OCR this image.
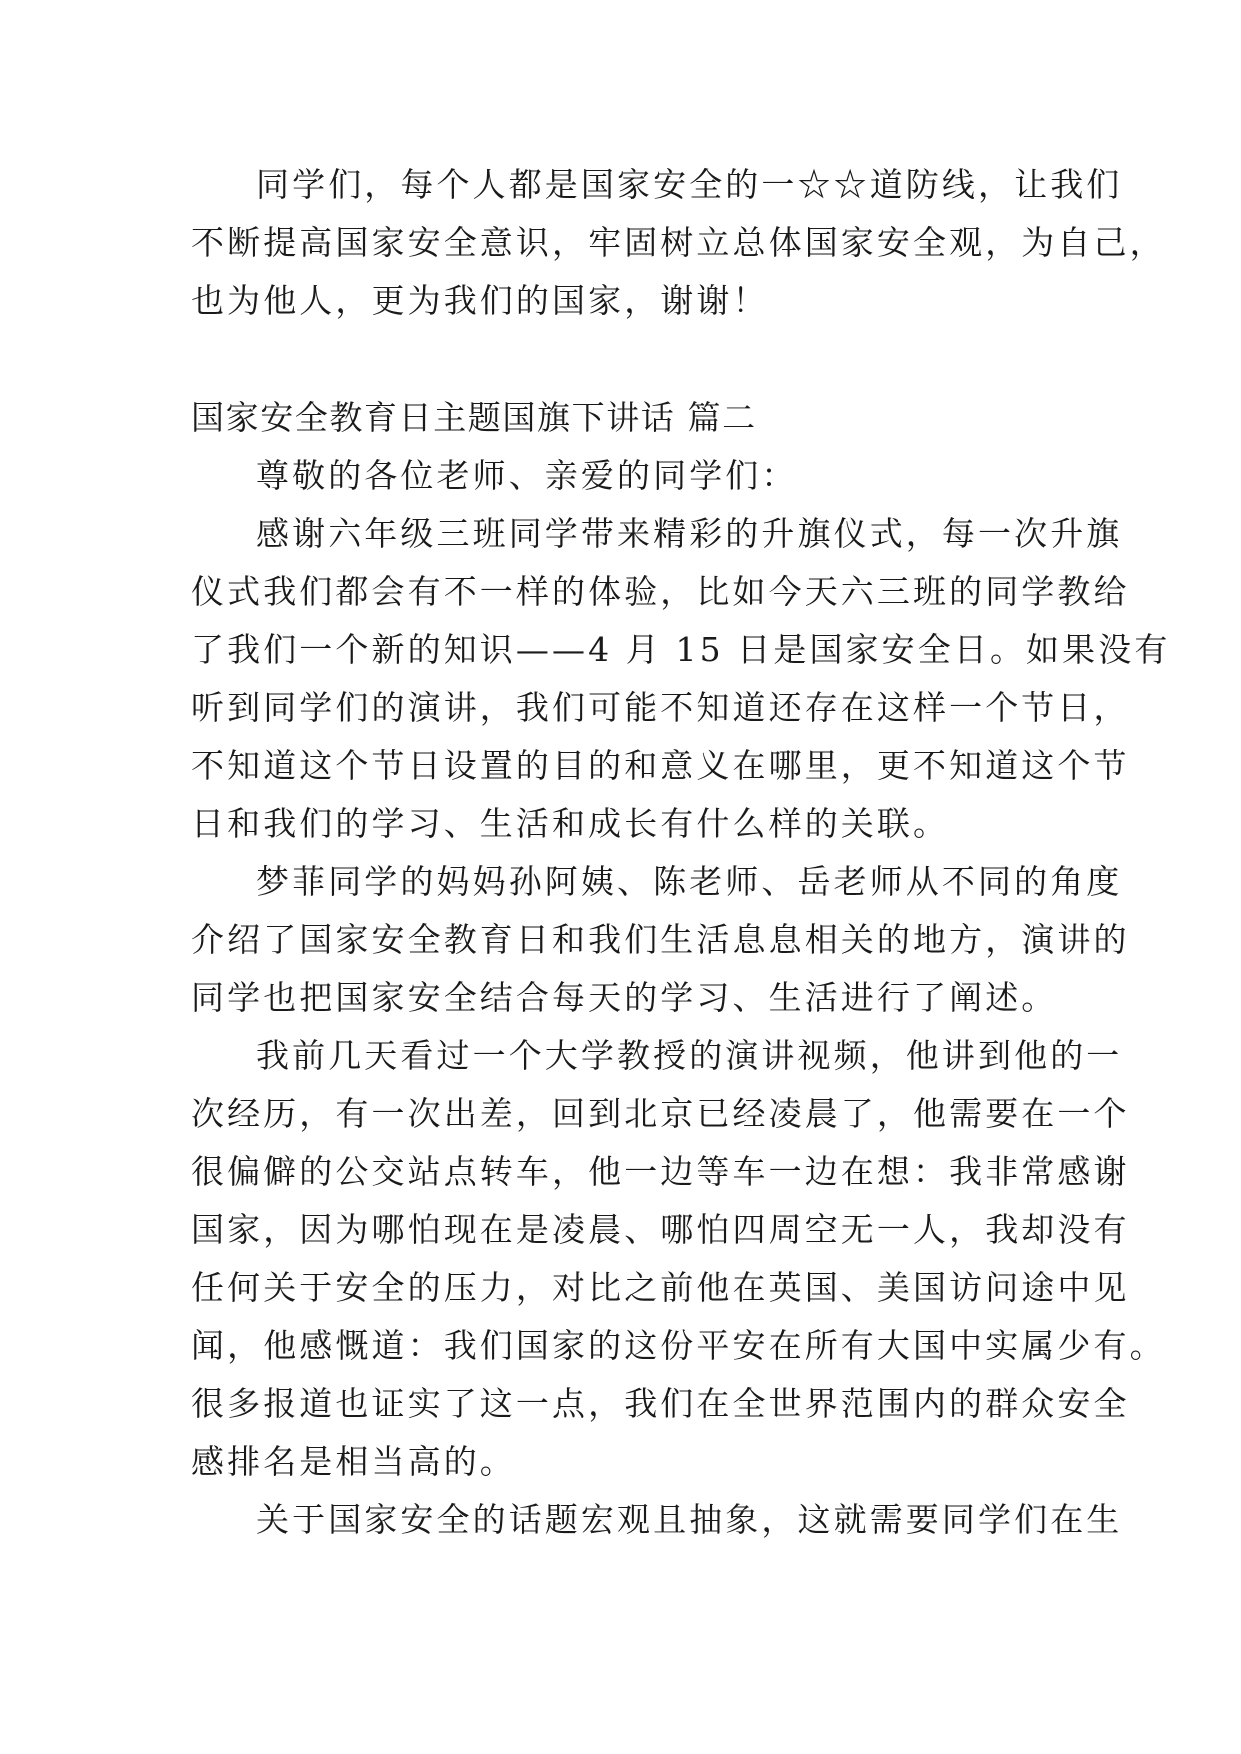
同学们，每个人都是国家安全的一☆☆道防线，让我们
不断提高国家安全意识，牢固树立总体国家安全观，为自己，
也为他人，更为我们的国家，谢谢！
国家安全教育日主题国旗下讲话 篇二
尊敬的各位老师、亲爱的同学们：
感谢六年级三班同学带来精彩的升旗仪式，每一次升旗
仪式我们都会有不一样的体验，比如今天六三班的同学教给
了我们一个新的知识——4 月 15 日是国家安全日。如果没有
听到同学们的演讲，我们可能不知道还存在这样一个节日，
不知道这个节日设置的目的和意义在哪里，更不知道这个节
日和我们的学习、生活和成长有什么样的关联。
梦菲同学的妈妈孙阿姨、陈老师、岳老师从不同的角度
介绍了国家安全教育日和我们生活息息相关的地方，演讲的
同学也把国家安全结合每天的学习、生活进行了阐述。
我前几天看过一个大学教授的演讲视频，他讲到他的一
次经历，有一次出差，回到北京已经凌晨了，他需要在一个
很偏僻的公交站点转车，他一边等车一边在想：我非常感谢
国家，因为哪怕现在是凌晨、哪怕四周空无一人，我却没有
任何关于安全的压力，对比之前他在英国、美国访问途中见
闻，他感慨道：我们国家的这份平安在所有大国中实属少有。
很多报道也证实了这一点，我们在全世界范围内的群众安全
感排名是相当高的。
关于国家安全的话题宏观且抽象，这就需要同学们在生
